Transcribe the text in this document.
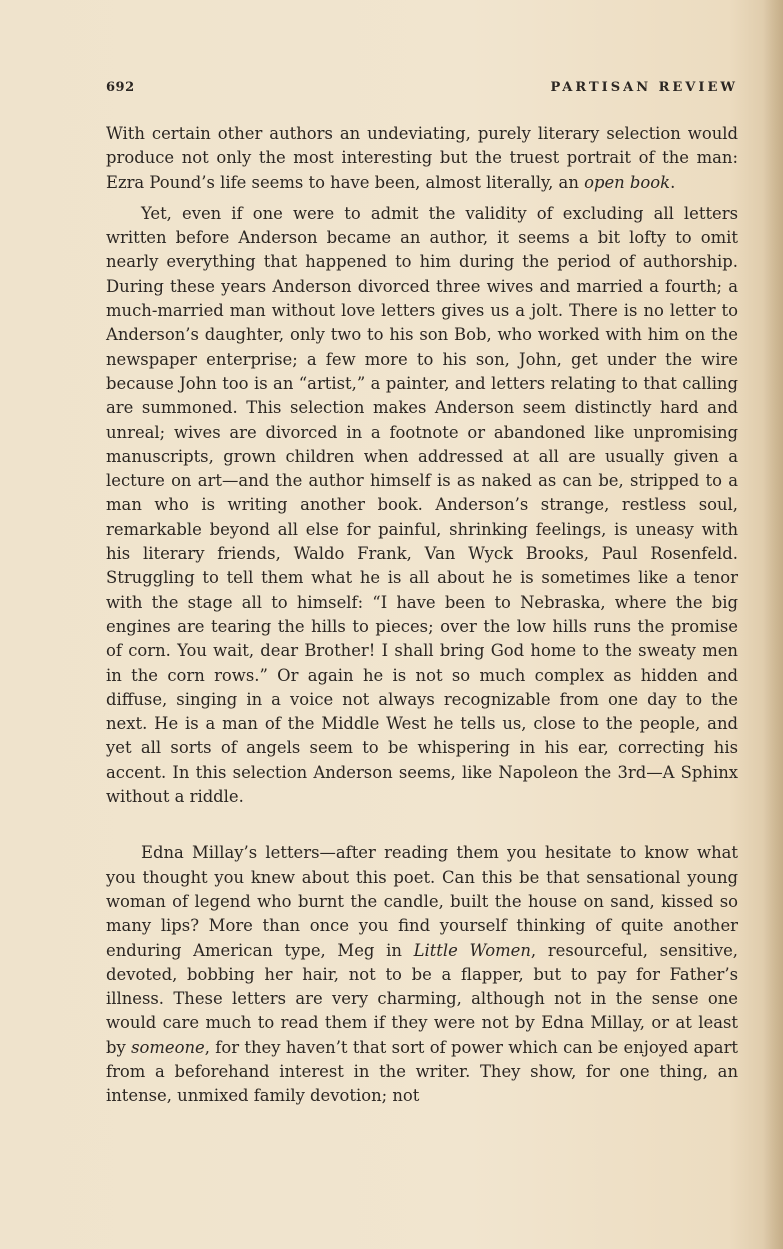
692	PARTISAN REVIEW

With certain other authors an undeviating, purely literary selection would produce not only the most interesting but the truest portrait of the man: Ezra Pound’s life seems to have been, almost literally, an open book.

Yet, even if one were to admit the validity of excluding all letters written before Anderson became an author, it seems a bit lofty to omit nearly everything that happened to him during the period of authorship. During these years Anderson divorced three wives and married a fourth; a much-married man without love letters gives us a jolt. There is no letter to Anderson’s daughter, only two to his son Bob, who worked with him on the newspaper enterprise; a few more to his son, John, get under the wire because John too is an “artist,” a painter, and letters relating to that calling are summoned. This selection makes Anderson seem distinctly hard and unreal; wives are divorced in a footnote or abandoned like unpromising manuscripts, grown children when addressed at all are usually given a lecture on art—and the author himself is as naked as can be, stripped to a man who is writing another book. Anderson’s strange, restless soul, remarkable beyond all else for painful, shrinking feelings, is uneasy with his literary friends, Waldo Frank, Van Wyck Brooks, Paul Rosenfeld. Struggling to tell them what he is all about he is sometimes like a tenor with the stage all to himself: “I have been to Nebraska, where the big engines are tearing the hills to pieces; over the low hills runs the promise of corn. You wait, dear Brother! I shall bring God home to the sweaty men in the corn rows.” Or again he is not so much complex as hidden and diffuse, singing in a voice not always recognizable from one day to the next. He is a man of the Middle West he tells us, close to the people, and yet all sorts of angels seem to be whispering in his ear, correcting his accent. In this selection Anderson seems, like Napoleon the 3rd—A Sphinx without a riddle.

Edna Millay’s letters—after reading them you hesitate to know what you thought you knew about this poet. Can this be that sensational young woman of legend who burnt the candle, built the house on sand, kissed so many lips? More than once you find yourself thinking of quite another enduring American type, Meg in Little Women, resourceful, sensitive, devoted, bobbing her hair, not to be a flapper, but to pay for Father’s illness. These letters are very charming, although not in the sense one would care much to read them if they were not by Edna Millay, or at least by someone, for they haven’t that sort of power which can be enjoyed apart from a beforehand interest in the writer. They show, for one thing, an intense, unmixed family devotion; not
